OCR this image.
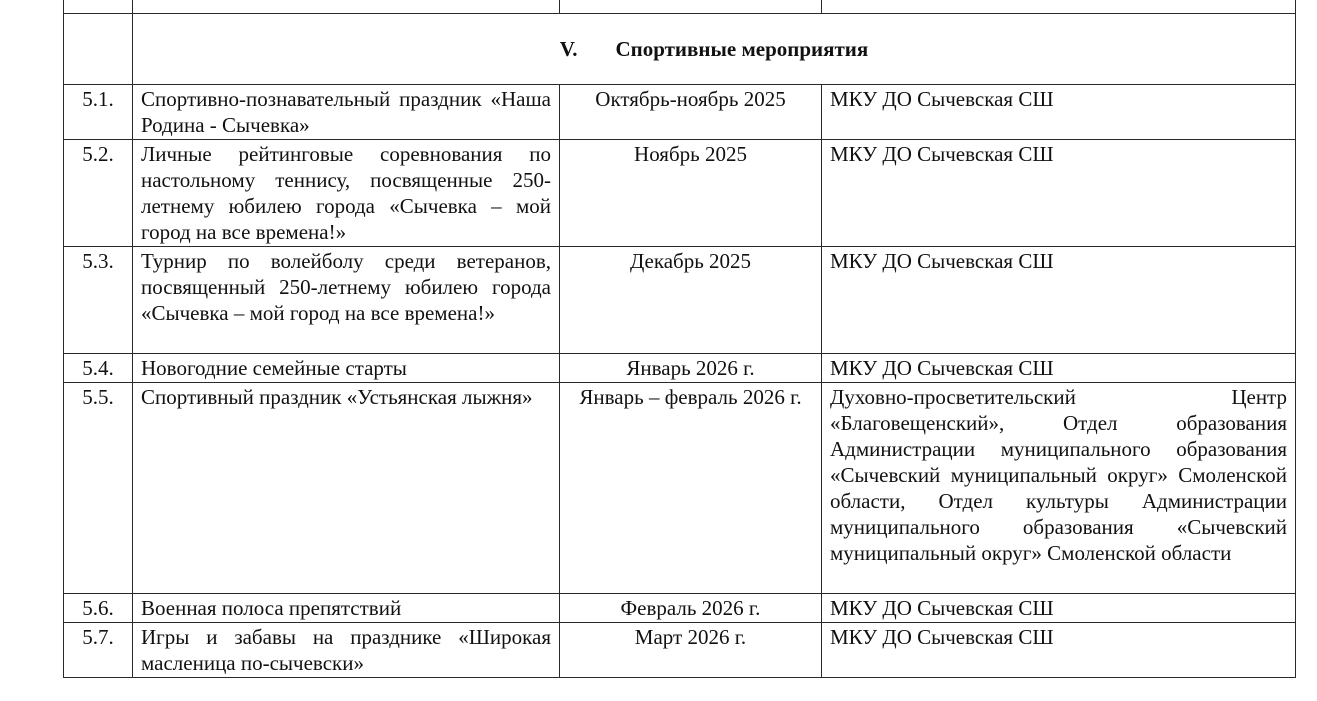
	V. Спортивные мероприятия		
5.1.	Спортивно-познавательный праздник «Наша Родина - Сычевка»	Октябрь-ноябрь 2025	МКУ ДО Сычевская СШ
5.2.	Личные рейтинговые соревнования по настольному теннису, посвященные 250-летнему юбилею города «Сычевка – мой город на все времена!»	Ноябрь 2025	МКУ ДО Сычевская СШ
5.3.	Турнир по волейболу среди ветеранов, посвященный 250-летнему юбилею города «Сычевка – мой город на все времена!»	Декабрь 2025	МКУ ДО Сычевская СШ
5.4.	Новогодние семейные старты	Январь 2026 г.	МКУ ДО Сычевская СШ
5.5.	Спортивный праздник «Устьянская лыжня»	Январь – февраль 2026 г.	Духовно-просветительский Центр «Благовещенский», Отдел образования Администрации муниципального образования «Сычевский муниципальный округ» Смоленской области, Отдел культуры Администрации муниципального образования «Сычевский муниципальный округ» Смоленской области
5.6.	Военная полоса препятствий	Февраль 2026 г.	МКУ ДО Сычевская СШ
5.7.	Игры и забавы на празднике «Широкая масленица по-сычевски»	Март 2026 г.	МКУ ДО Сычевская СШ
